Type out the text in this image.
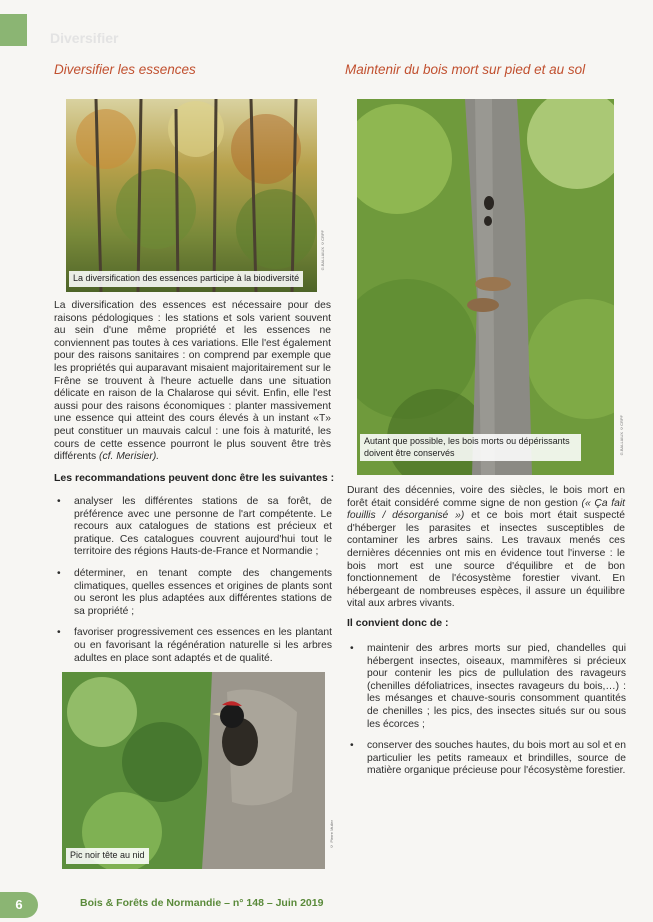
Diversifier
Diversifier les essences	Maintenir du bois mort sur pied et au sol
La diversification des essences participe à la biodiversité
G.BALLIAUX ©CRPF
Autant que possible, les bois morts ou dépérissants doivent être conservés	G.BALLIAUX ©CRPF

La diversification des essences est nécessaire pour des raisons pédologiques : les stations et sols varient souvent au sein d'une même propriété et les essences ne conviennent pas toutes à ces variations. Elle l'est également pour des raisons sanitaires : on comprend par exemple que les propriétés qui auparavant misaient majoritairement sur le Frêne se trouvent à l'heure actuelle dans une situation délicate en raison de la Chalarose qui sévit. Enfin, elle l'est aussi pour des raisons économiques : planter massivement une essence qui atteint des cours élevés à un instant «T» peut constituer un mauvais calcul : une fois à maturité, les cours de cette essence pourront le plus souvent être très différents (cf. Merisier).

Les recommandations peuvent donc être les suivantes :
• analyser les différentes stations de sa forêt, de préférence avec une personne de l'art compétente. Le recours aux catalogues de stations est précieux et pratique. Ces catalogues couvrent aujourd'hui tout le territoire des régions Hauts-de-France et Normandie ;
• déterminer, en tenant compte des changements climatiques, quelles essences et origines de plants sont ou seront les plus adaptées aux différentes stations de sa propriété ;
• favoriser progressivement ces essences en les plantant ou en favorisant la régénération naturelle si les arbres adultes en place sont adaptés et de qualité.
Pic noir tête au nid
© Pierre Muller

Durant des décennies, voire des siècles, le bois mort en forêt était considéré comme signe de non gestion (« Ça fait fouillis / désorganisé ») et ce bois mort était suspecté d'héberger les parasites et insectes susceptibles de contaminer les arbres sains. Les travaux menés ces dernières décennies ont mis en évidence tout l'inverse : le bois mort est une source d'équilibre et de bon fonctionnement de l'écosystème forestier vivant. En hébergeant de nombreuses espèces, il assure un équilibre vital aux arbres vivants.

Il convient donc de :
• maintenir des arbres morts sur pied, chandelles qui hébergent insectes, oiseaux, mammifères si précieux pour contenir les pics de pullulation des ravageurs (chenilles défoliatrices, insectes ravageurs du bois,…) : les mésanges et chauve-souris consomment quantités de chenilles ; les pics, des insectes situés sur ou sous les écorces ;
• conserver des souches hautes, du bois mort au sol et en particulier les petits rameaux et brindilles, source de matière organique précieuse pour l'écosystème forestier.
6	Bois & Forêts de Normandie – n° 148 – Juin 2019
